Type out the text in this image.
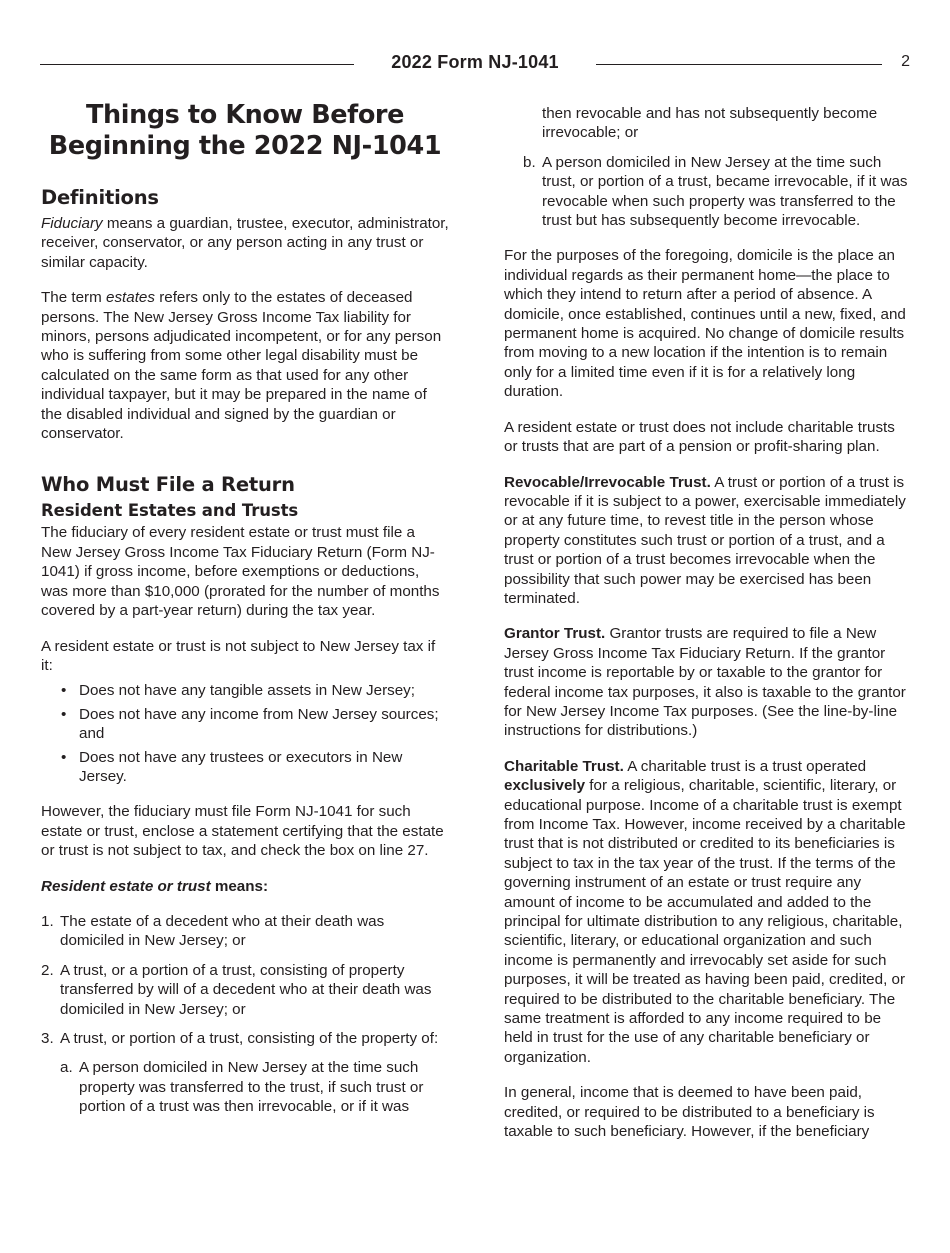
2022 Form NJ-1041	2
Things to Know Before Beginning the 2022 NJ-1041
Definitions

Fiduciary means a guardian, trustee, executor, administrator, receiver, conservator, or any person acting in any trust or similar capacity.

The term estates refers only to the estates of deceased persons. The New Jersey Gross Income Tax liability for minors, persons adjudicated incompetent, or for any person who is suffering from some other legal disability must be calculated on the same form as that used for any other individual taxpayer, but it may be prepared in the name of the disabled individual and signed by the guardian or conservator.

Who Must File a Return
Resident Estates and Trusts

The fiduciary of every resident estate or trust must file a New Jersey Gross Income Tax Fiduciary Return (Form NJ-1041) if gross income, before exemptions or deductions, was more than $10,000 (prorated for the number of months covered by a part-year return) during the tax year.

A resident estate or trust is not subject to New Jersey tax if it:

• Does not have any tangible assets in New Jersey;
• Does not have any income from New Jersey sources; and
• Does not have any trustees or executors in New Jersey.

However, the fiduciary must file Form NJ-1041 for such estate or trust, enclose a statement certifying that the estate or trust is not subject to tax, and check the box on line 27.

Resident estate or trust means:

1. The estate of a decedent who at their death was domiciled in New Jersey; or
2. A trust, or a portion of a trust, consisting of property transferred by will of a decedent who at their death was domiciled in New Jersey; or
3. A trust, or portion of a trust, consisting of the property of:
a. A person domiciled in New Jersey at the time such property was transferred to the trust, if such trust or portion of a trust was then irrevocable, or if it was
then revocable and has not subsequently become irrevocable; or
b. A person domiciled in New Jersey at the time such trust, or portion of a trust, became irrevocable, if it was revocable when such property was transferred to the trust but has subsequently become irrevocable.

For the purposes of the foregoing, domicile is the place an individual regards as their permanent home—the place to which they intend to return after a period of absence. A domicile, once established, continues until a new, fixed, and permanent home is acquired. No change of domicile results from moving to a new location if the intention is to remain only for a limited time even if it is for a relatively long duration.

A resident estate or trust does not include charitable trusts or trusts that are part of a pension or profit-sharing plan.

Revocable/Irrevocable Trust. A trust or portion of a trust is revocable if it is subject to a power, exercisable immediately or at any future time, to revest title in the person whose property constitutes such trust or portion of a trust, and a trust or portion of a trust becomes irrevocable when the possibility that such power may be exercised has been terminated.

Grantor Trust. Grantor trusts are required to file a New Jersey Gross Income Tax Fiduciary Return. If the grantor trust income is reportable by or taxable to the grantor for federal income tax purposes, it also is taxable to the grantor for New Jersey Income Tax purposes. (See the line-by-line instructions for distributions.)

Charitable Trust. A charitable trust is a trust operated exclusively for a religious, charitable, scientific, literary, or educational purpose. Income of a charitable trust is exempt from Income Tax. However, income received by a charitable trust that is not distributed or credited to its beneficiaries is subject to tax in the tax year of the trust. If the terms of the governing instrument of an estate or trust require any amount of income to be accumulated and added to the principal for ultimate distribution to any religious, charitable, scientific, literary, or educational organization and such income is permanently and irrevocably set aside for such purposes, it will be treated as having been paid, credited, or required to be distributed to the charitable beneficiary. The same treatment is afforded to any income required to be held in trust for the use of any charitable beneficiary or organization.

In general, income that is deemed to have been paid, credited, or required to be distributed to a beneficiary is taxable to such beneficiary. However, if the beneficiary
